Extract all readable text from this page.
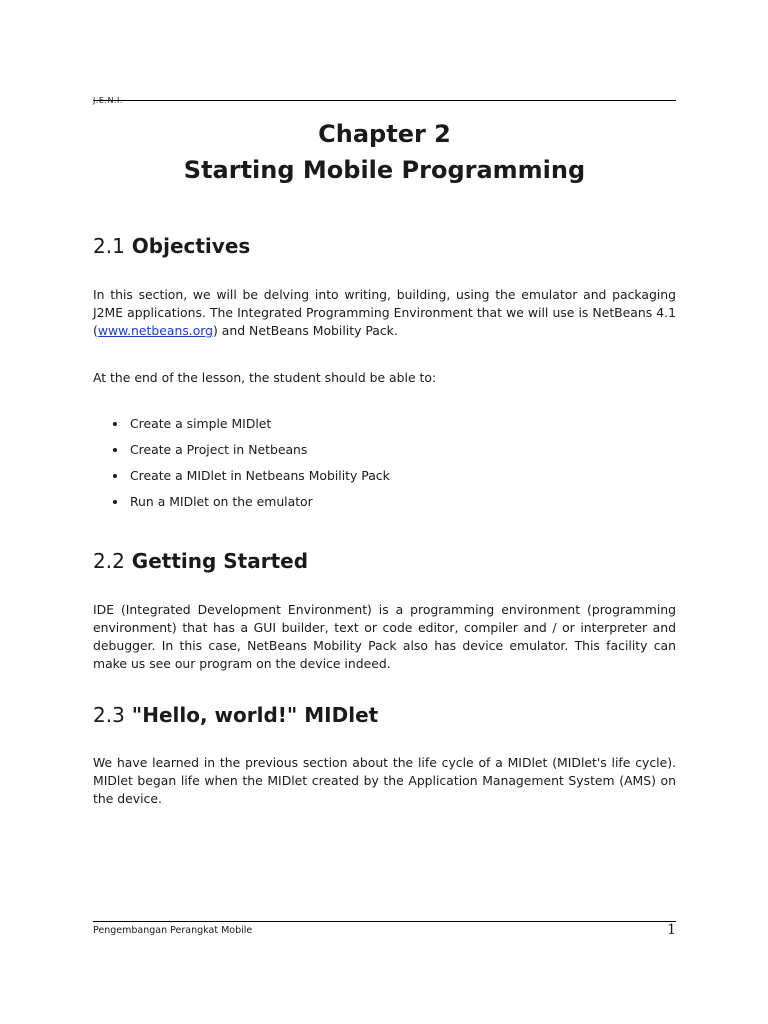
J.E.N.I.
Chapter 2
Starting Mobile Programming
2.1 Objectives

In this section, we will be delving into writing, building, using the emulator and packaging J2ME applications. The Integrated Programming Environment that we will use is NetBeans 4.1 (www.netbeans.org) and NetBeans Mobility Pack.

At the end of the lesson, the student should be able to:

Create a simple MIDlet
Create a Project in Netbeans
Create a MIDlet in Netbeans Mobility Pack
Run a MIDlet on the emulator
2.2 Getting Started

IDE (Integrated Development Environment) is a programming environment (programming environment) that has a GUI builder, text or code editor, compiler and / or interpreter and debugger. In this case, NetBeans Mobility Pack also has device emulator. This facility can make us see our program on the device indeed.

2.3 "Hello, world!" MIDlet

We have learned in the previous section about the life cycle of a MIDlet (MIDlet's life cycle). MIDlet began life when the MIDlet created by the Application Management System (AMS) on the device.

Pengembangan Perangkat Mobile	1
